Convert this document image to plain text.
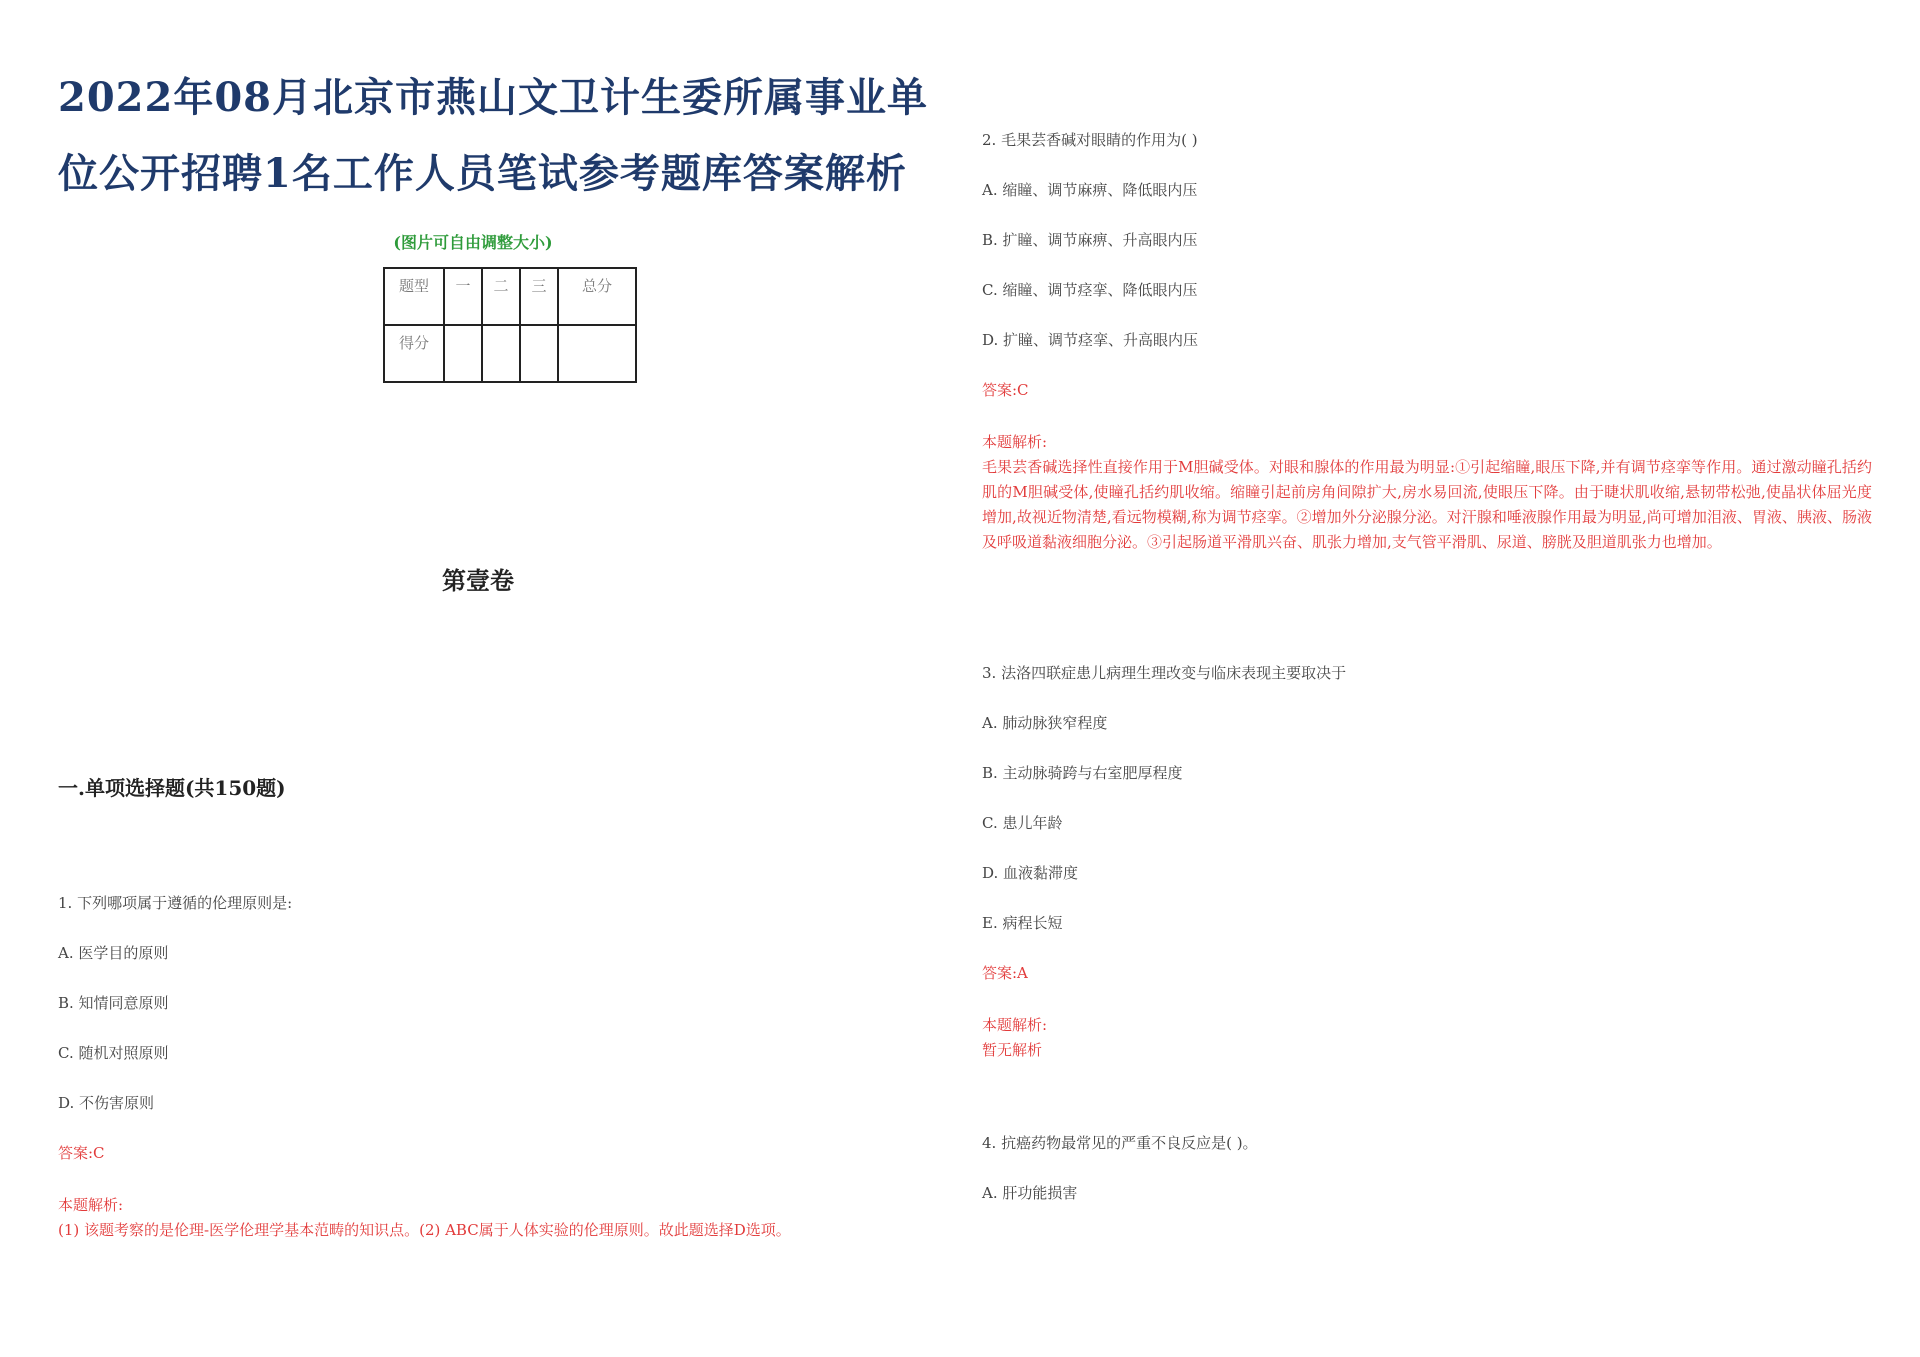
2022年08月北京市燕山文卫计生委所属事业单
位公开招聘1名工作人员笔试参考题库答案解析
(图片可自由调整大小)
题型	一	二	三	总分
得分				
第壹卷
一.单项选择题(共150题)
1. 下列哪项属于遵循的伦理原则是:
A. 医学目的原则
B. 知情同意原则
C. 随机对照原则
D. 不伤害原则
答案:C
本题解析:
(1) 该题考察的是伦理-医学伦理学基本范畴的知识点。(2) ABC属于人体实验的伦理原则。故此题选择D选项。
2. 毛果芸香碱对眼睛的作用为( )
A. 缩瞳、调节麻痹、降低眼内压
B. 扩瞳、调节麻痹、升高眼内压
C. 缩瞳、调节痉挛、降低眼内压
D. 扩瞳、调节痉挛、升高眼内压
答案:C
本题解析:
毛果芸香碱选择性直接作用于M胆碱受体。对眼和腺体的作用最为明显:①引起缩瞳,眼压下降,并有调节痉挛等作用。通过激动瞳孔括约肌的M胆碱受体,使瞳孔括约肌收缩。缩瞳引起前房角间隙扩大,房水易回流,使眼压下降。由于睫状肌收缩,悬韧带松弛,使晶状体屈光度增加,故视近物清楚,看远物模糊,称为调节痉挛。②增加外分泌腺分泌。对汗腺和唾液腺作用最为明显,尚可增加泪液、胃液、胰液、肠液及呼吸道黏液细胞分泌。③引起肠道平滑肌兴奋、肌张力增加,支气管平滑肌、尿道、膀胱及胆道肌张力也增加。
3. 法洛四联症患儿病理生理改变与临床表现主要取决于
A. 肺动脉狭窄程度
B. 主动脉骑跨与右室肥厚程度
C. 患儿年龄
D. 血液黏滞度
E. 病程长短
答案:A
本题解析:
暂无解析
4. 抗癌药物最常见的严重不良反应是( )。
A. 肝功能损害
